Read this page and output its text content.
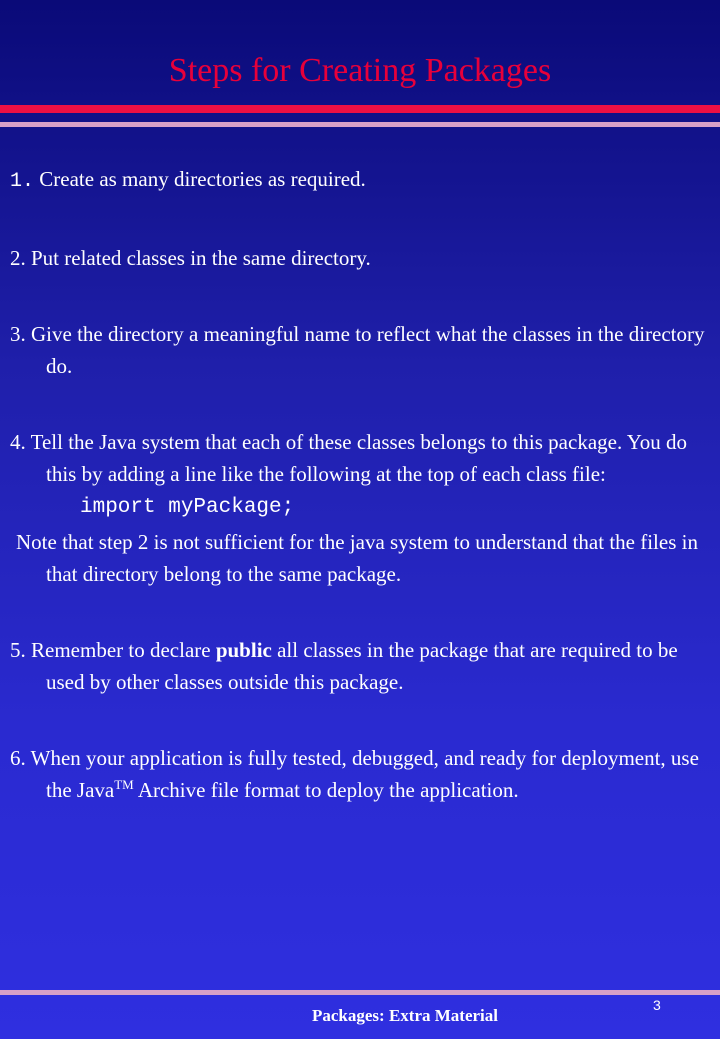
Steps for Creating Packages

1. Create as many directories as required.

2. Put related classes in the same directory.

3. Give the directory a meaningful name to reflect what the classes in the directory do.

4. Tell the Java system that each of these classes belongs to this package. You do this by adding a line like the following at the top of each class file:

import myPackage;

Note that step 2 is not sufficient for the java system to understand that the files in that directory belong to the same package.

5. Remember to declare public all classes in the package that are required to be used by other classes outside this package.

6. When your application is fully tested, debugged, and ready for deployment, use the Java™ Archive file format to deploy the application.

3
Packages: Extra Material
